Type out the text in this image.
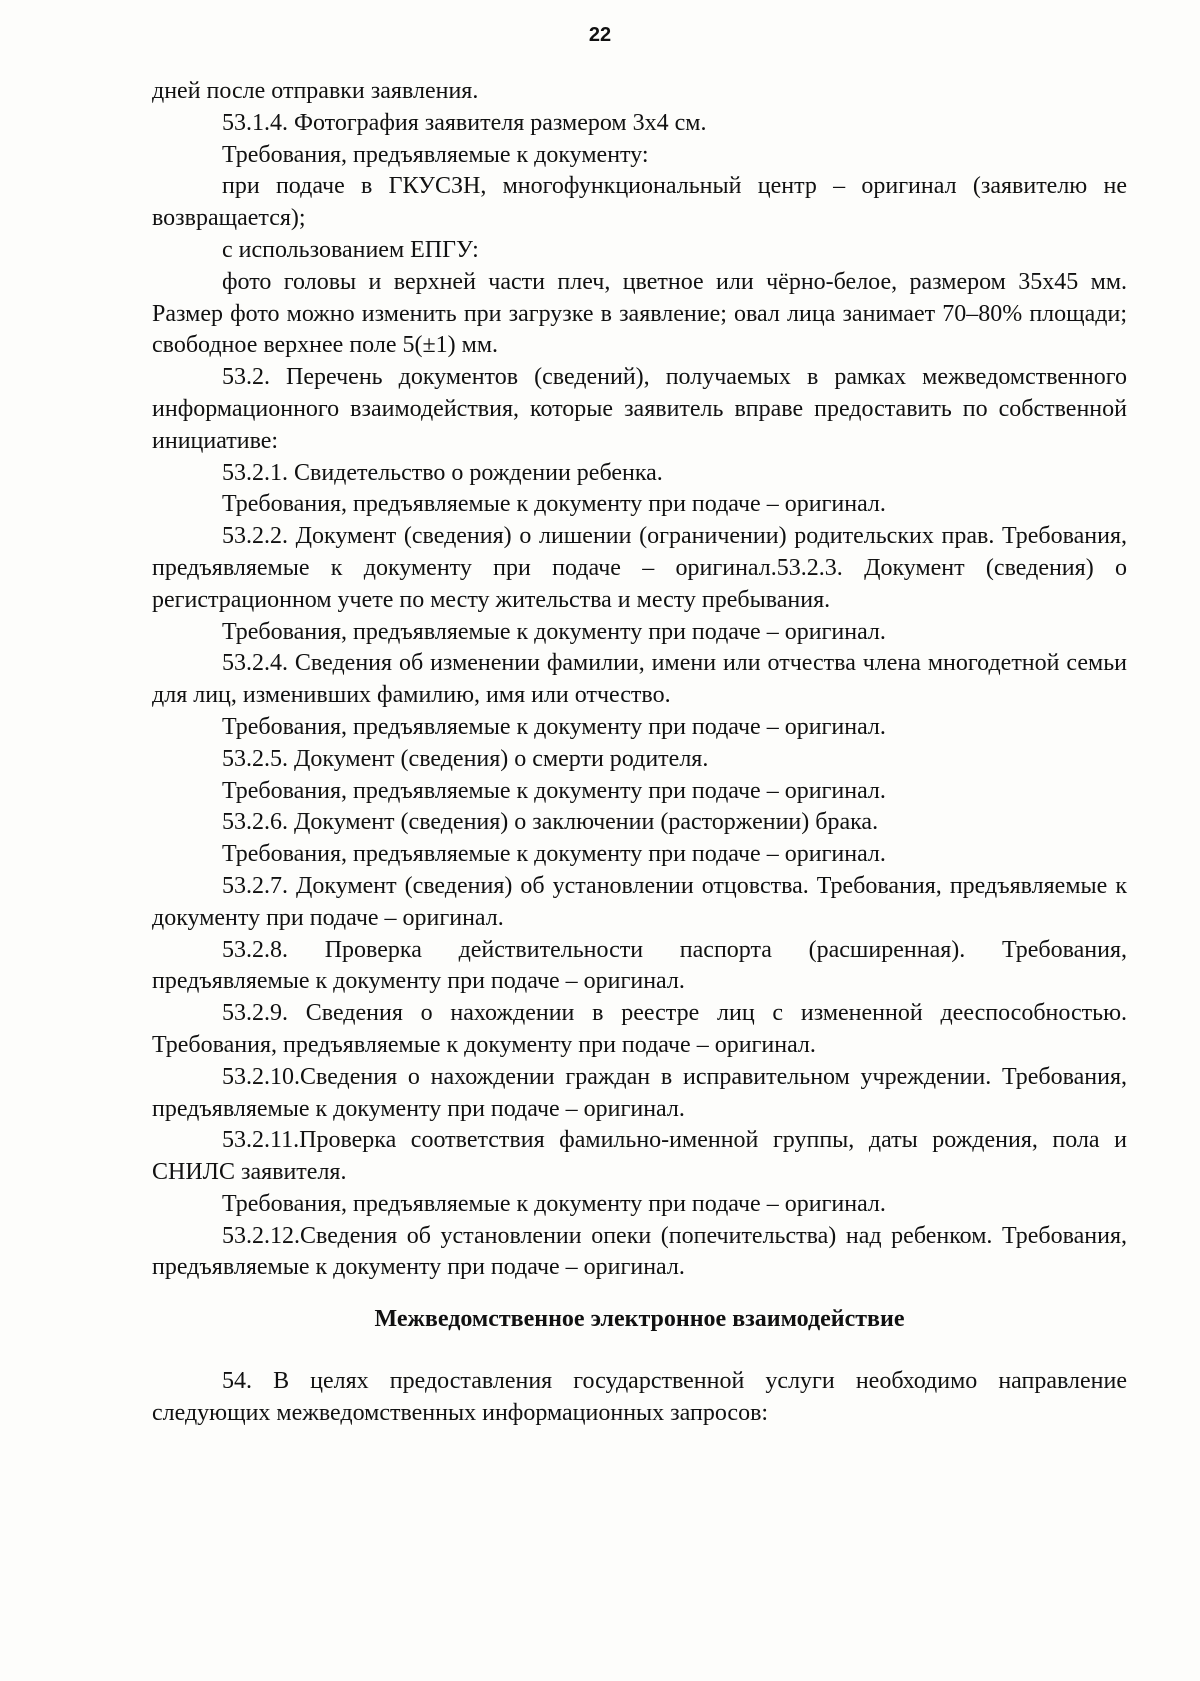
22

дней после отправки заявления.

53.1.4. Фотография заявителя размером 3х4 см.

Требования, предъявляемые к документу:

при подаче в ГКУСЗН, многофункциональный центр – оригинал (заявителю не возвращается);

с использованием ЕПГУ:

фото головы и верхней части плеч, цветное или чёрно-белое, размером 35х45 мм. Размер фото можно изменить при загрузке в заявление; овал лица занимает 70–80% площади; свободное верхнее поле 5(±1) мм.

53.2. Перечень документов (сведений), получаемых в рамках межведомственного информационного взаимодействия, которые заявитель вправе предоставить по собственной инициативе:

53.2.1. Свидетельство о рождении ребенка.

Требования, предъявляемые к документу при подаче – оригинал.

53.2.2. Документ (сведения) о лишении (ограничении) родительских прав. Требования, предъявляемые к документу при подаче – оригинал.53.2.3. Документ (сведения) о регистрационном учете по месту жительства и месту пребывания.

Требования, предъявляемые к документу при подаче – оригинал.

53.2.4. Сведения об изменении фамилии, имени или отчества члена многодетной семьи для лиц, изменивших фамилию, имя или отчество.

Требования, предъявляемые к документу при подаче – оригинал.

53.2.5. Документ (сведения) о смерти родителя.

Требования, предъявляемые к документу при подаче – оригинал.

53.2.6. Документ (сведения) о заключении (расторжении) брака.

Требования, предъявляемые к документу при подаче – оригинал.

53.2.7. Документ (сведения) об установлении отцовства. Требования, предъявляемые к документу при подаче – оригинал.

53.2.8. Проверка действительности паспорта (расширенная). Требования, предъявляемые к документу при подаче – оригинал.

53.2.9. Сведения о нахождении в реестре лиц с измененной дееспособностью. Требования, предъявляемые к документу при подаче – оригинал.

53.2.10.Сведения о нахождении граждан в исправительном учреждении. Требования, предъявляемые к документу при подаче – оригинал.

53.2.11.Проверка соответствия фамильно-именной группы, даты рождения, пола и СНИЛС заявителя.

Требования, предъявляемые к документу при подаче – оригинал.

53.2.12.Сведения об установлении опеки (попечительства) над ребенком. Требования, предъявляемые к документу при подаче – оригинал.

Межведомственное электронное взаимодействие

54. В целях предоставления государственной услуги необходимо направление следующих межведомственных информационных запросов:
